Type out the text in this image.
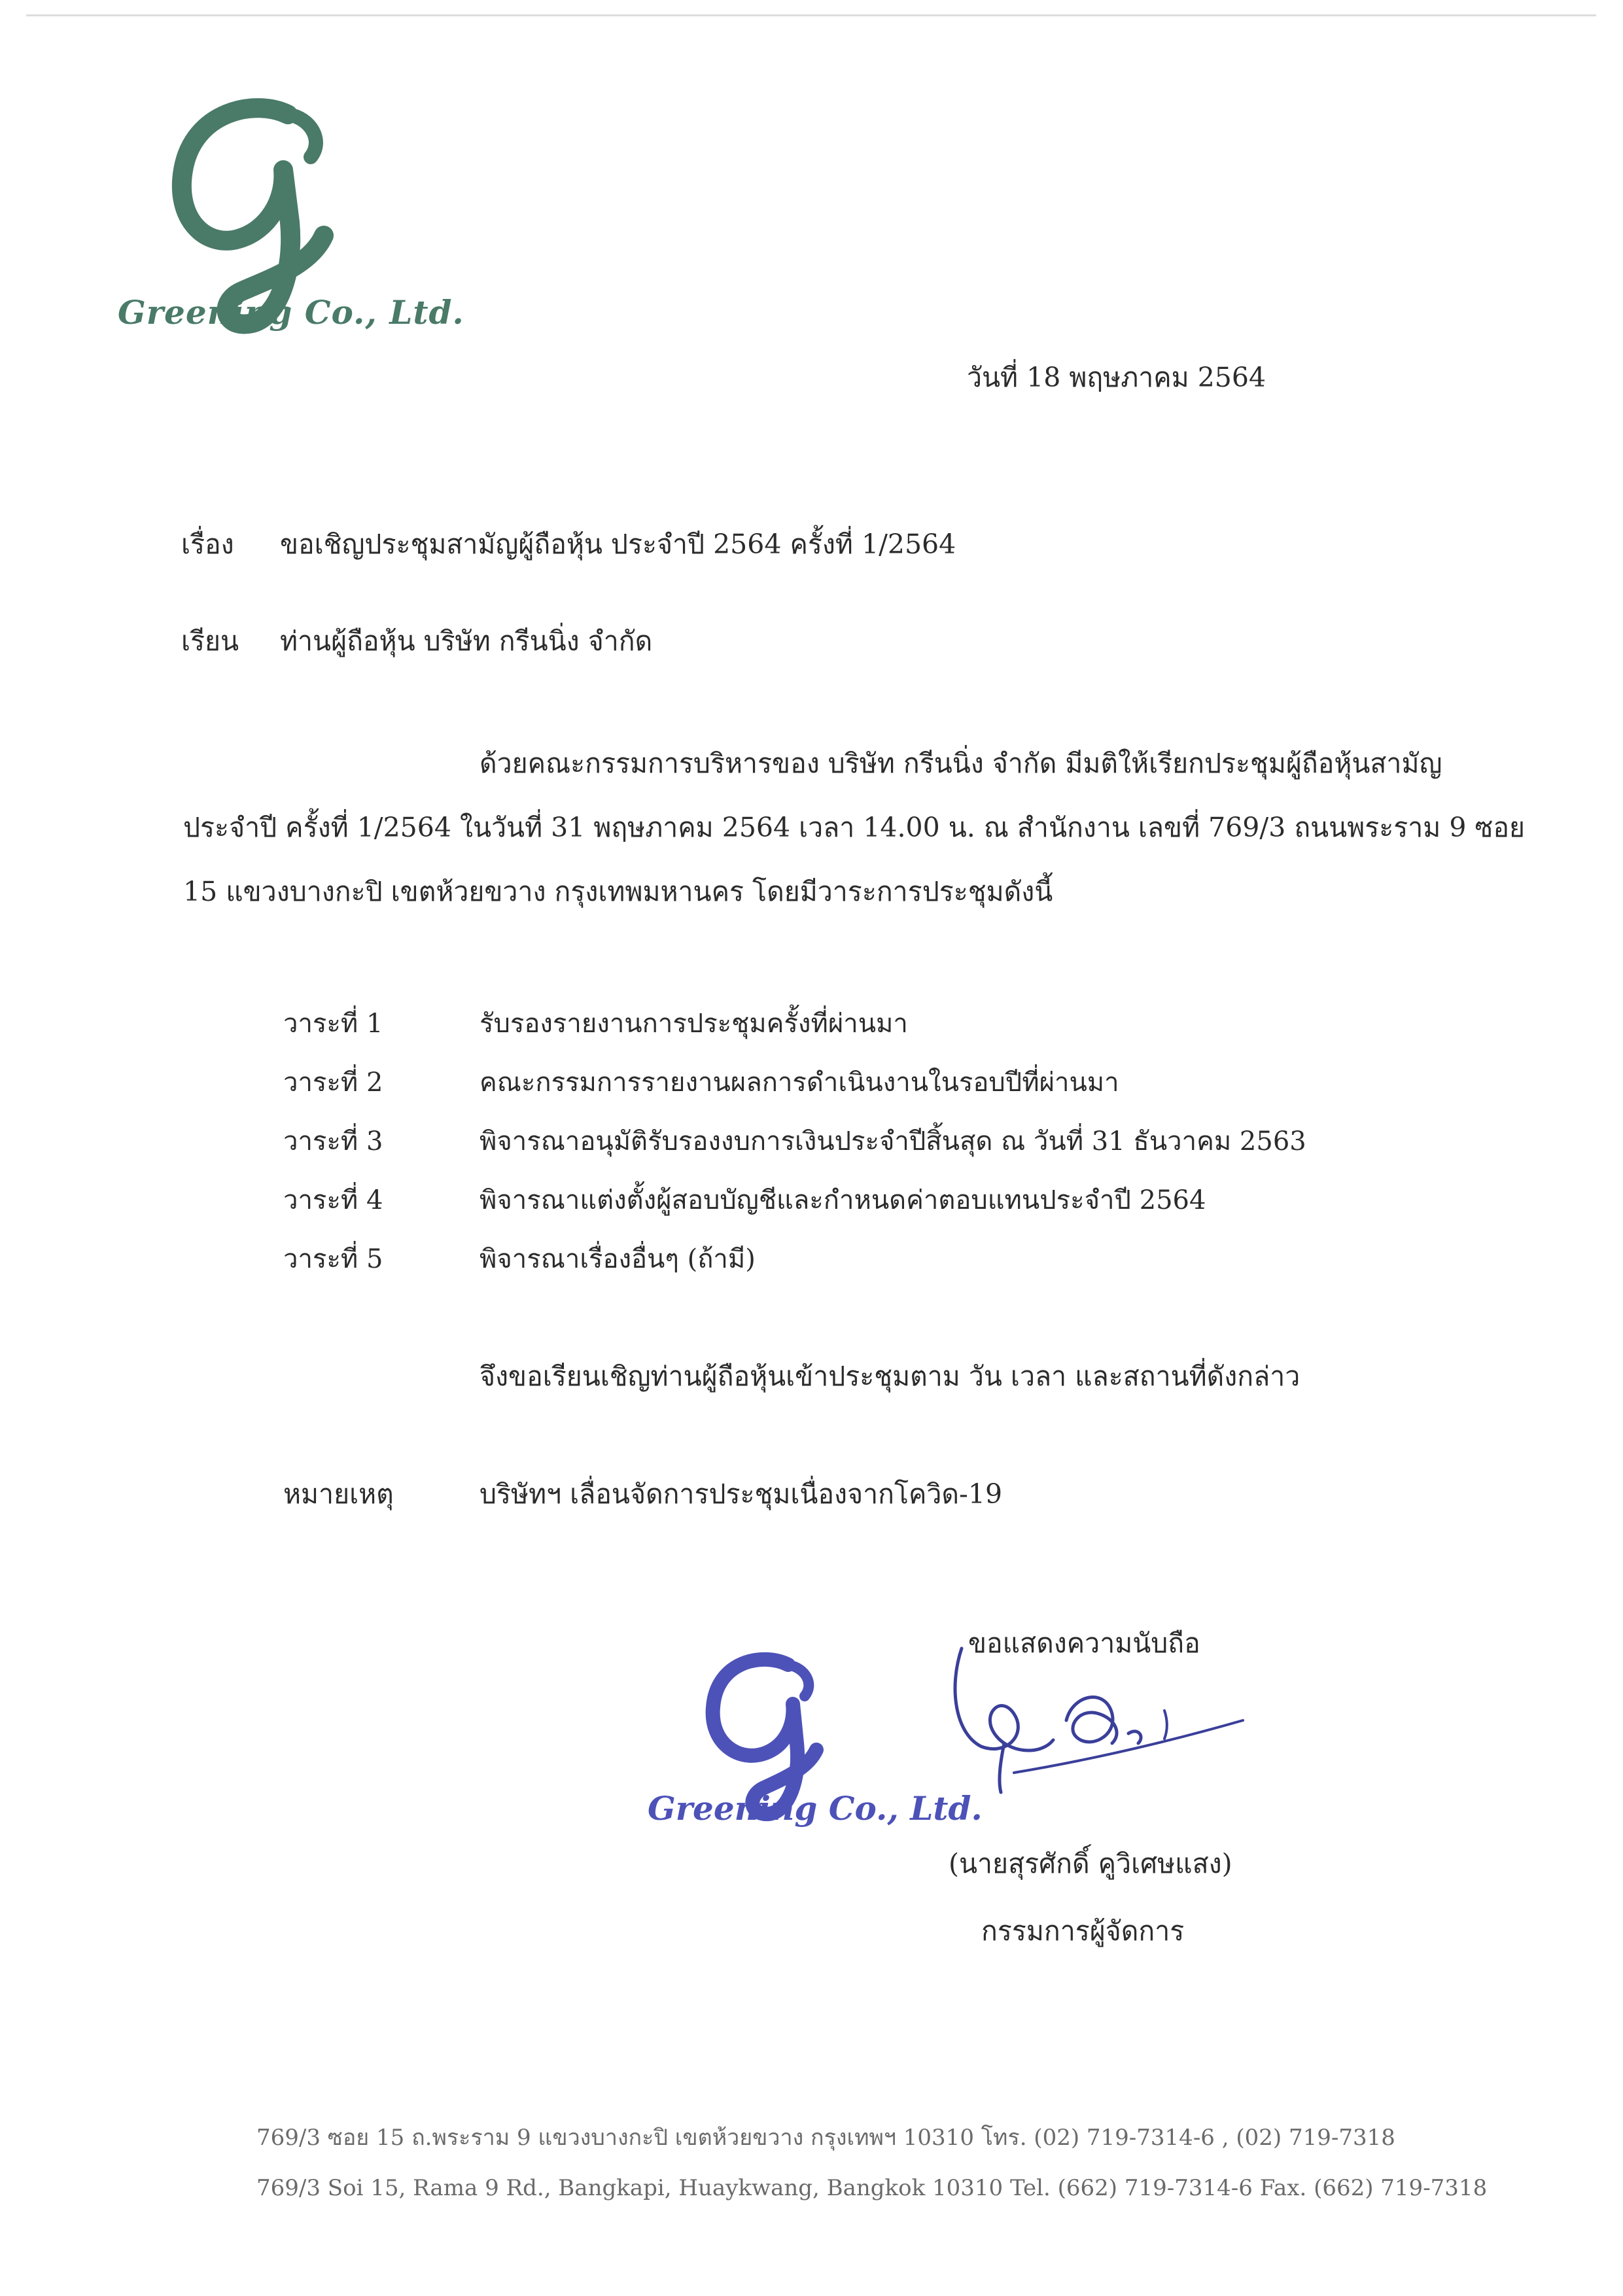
Greening Co., Ltd.
วันที่ 18 พฤษภาคม 2564
เรื่อง ขอเชิญประชุมสามัญผู้ถือหุ้น ประจำปี 2564 ครั้งที่ 1/2564
เรียน ท่านผู้ถือหุ้น บริษัท กรีนนิ่ง จำกัด
ด้วยคณะกรรมการบริหารของ บริษัท กรีนนิ่ง จำกัด มีมติให้เรียกประชุมผู้ถือหุ้นสามัญ
ประจำปี ครั้งที่ 1/2564 ในวันที่ 31 พฤษภาคม 2564 เวลา 14.00 น. ณ สำนักงาน เลขที่ 769/3 ถนนพระราม 9 ซอย
15 แขวงบางกะปิ เขตห้วยขวาง กรุงเทพมหานคร โดยมีวาระการประชุมดังนี้
วาระที่ 1	รับรองรายงานการประชุมครั้งที่ผ่านมา
วาระที่ 2	คณะกรรมการรายงานผลการดำเนินงานในรอบปีที่ผ่านมา
วาระที่ 3	พิจารณาอนุมัติรับรองงบการเงินประจำปีสิ้นสุด ณ วันที่ 31 ธันวาคม 2563
วาระที่ 4	พิจารณาแต่งตั้งผู้สอบบัญชีและกำหนดค่าตอบแทนประจำปี 2564
วาระที่ 5	พิจารณาเรื่องอื่นๆ (ถ้ามี)
จึงขอเรียนเชิญท่านผู้ถือหุ้นเข้าประชุมตาม วัน เวลา และสถานที่ดังกล่าว
หมายเหตุ	บริษัทฯ เลื่อนจัดการประชุมเนื่องจากโควิด-19
ขอแสดงความนับถือ
Greening Co., Ltd.
(นายสุรศักดิ์ คูวิเศษแสง)
กรรมการผู้จัดการ
769/3 ซอย 15 ถ.พระราม 9 แขวงบางกะปิ เขตห้วยขวาง กรุงเทพฯ 10310 โทร. (02) 719-7314-6 , (02) 719-7318
769/3 Soi 15, Rama 9 Rd., Bangkapi, Huaykwang, Bangkok 10310 Tel. (662) 719-7314-6 Fax. (662) 719-7318
